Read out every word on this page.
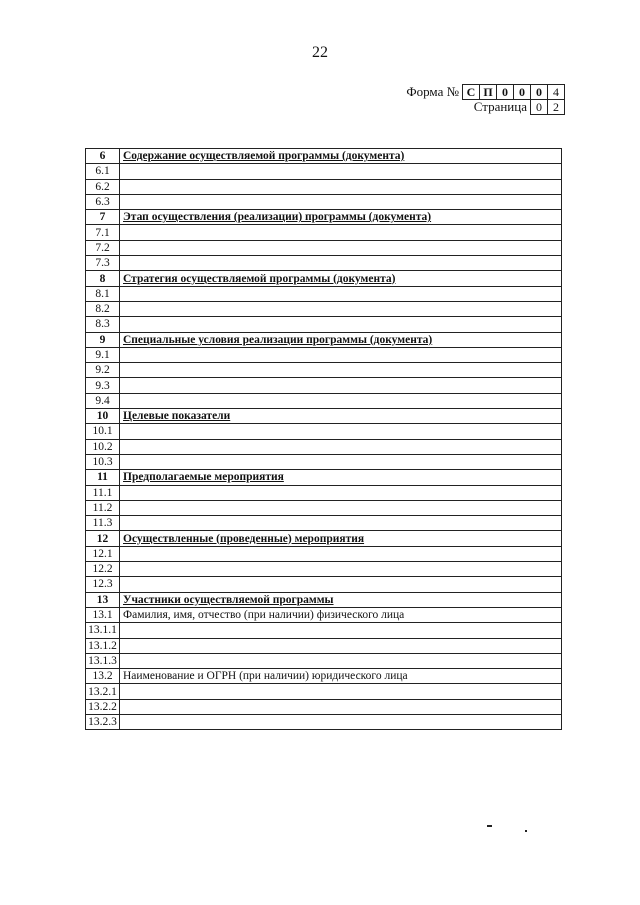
22
Форма № С П 0 0 0 4
Страница 0 2
6	Содержание осуществляемой программы (документа)
6.1	
6.2	
6.3	
7	Этап осуществления (реализации) программы (документа)
7.1	
7.2	
7.3	
8	Стратегия осуществляемой программы (документа)
8.1	
8.2	
8.3	
9	Специальные условия реализации программы (документа)
9.1	
9.2	
9.3	
9.4	
10	Целевые показатели
10.1	
10.2	
10.3	
11	Предполагаемые мероприятия
11.1	
11.2	
11.3	
12	Осуществленные (проведенные) мероприятия
12.1	
12.2	
12.3	
13	Участники осуществляемой программы
13.1	Фамилия, имя, отчество (при наличии) физического лица
13.1.1	
13.1.2	
13.1.3	
13.2	Наименование и ОГРН (при наличии) юридического лица
13.2.1	
13.2.2	
13.2.3	
